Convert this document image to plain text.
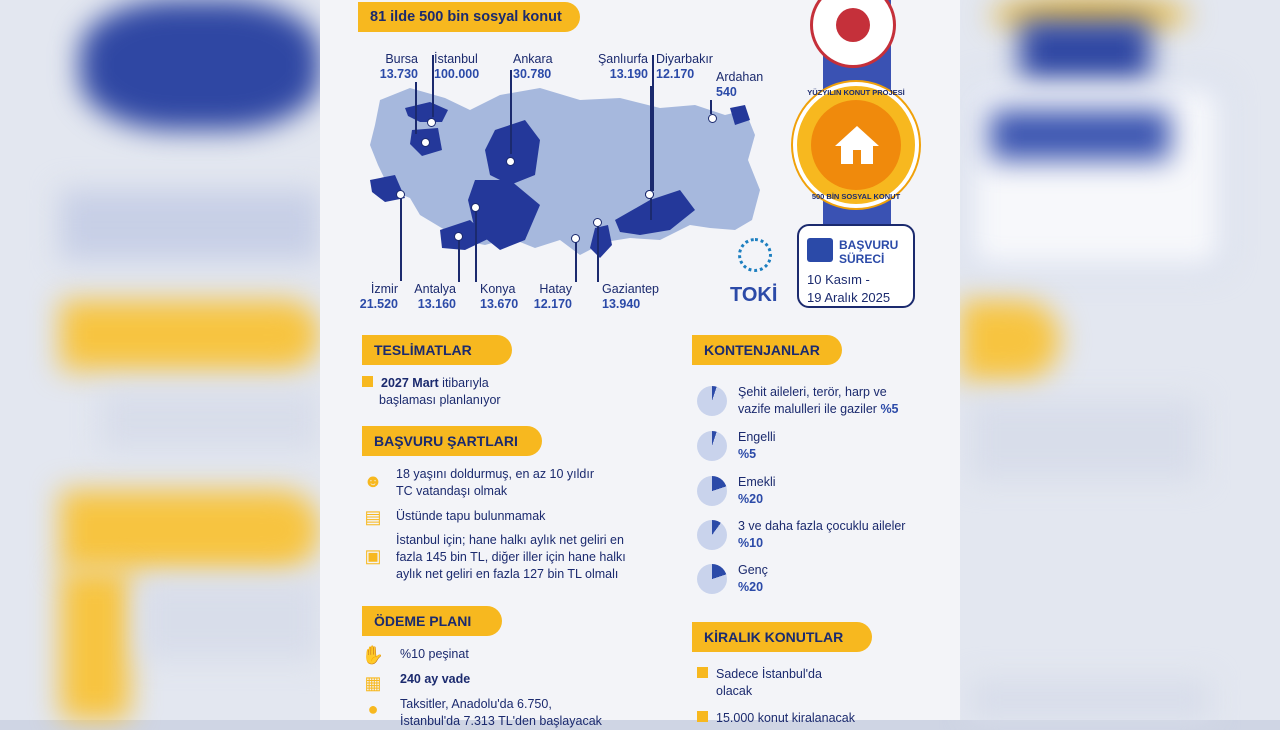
81 ilde 500 bin sosyal konut
Bursa
13.730
İstanbul
100.000
Ankara
30.780
Şanlıurfa
13.190
Diyarbakır
12.170	Ardahan
540
İzmir
21.520
Antalya
13.160
Konya
13.670
Hatay
12.170
Gaziantep
13.940
YÜZYILIN KONUT PROJESİ
500 BİN SOSYAL KONUT
BAŞVURU
SÜRECİ
10 Kasım -
19 Aralık 2025
TOKİ
TESLİMATLAR
2027 Mart itibarıyla
başlaması planlanıyor
BAŞVURU ŞARTLARI
☻ 18 yaşını doldurmuş, en az 10 yıldır
TC vatandaşı olmak
▤ Üstünde tapu bulunmamak
▣
İstanbul için; hane halkı aylık net geliri en
fazla 145 bin TL, diğer iller için hane halkı
aylık net geliri en fazla 127 bin TL olmalı
ÖDEME PLANI
✋ %10 peşinat
▦ 240 ay vade
●	Taksitler, Anadolu'da 6.750,
İstanbul'da 7.313 TL'den başlayacak
KONTENJANLAR
Şehit aileleri, terör, harp ve
vazife malulleri ile gaziler %5
Engelli
%5
Emekli
%20
3 ve daha fazla çocuklu aileler
%10
Genç
%20
KİRALIK KONUTLAR
Sadece İstanbul'da
olacak
15.000 konut kiralanacak
